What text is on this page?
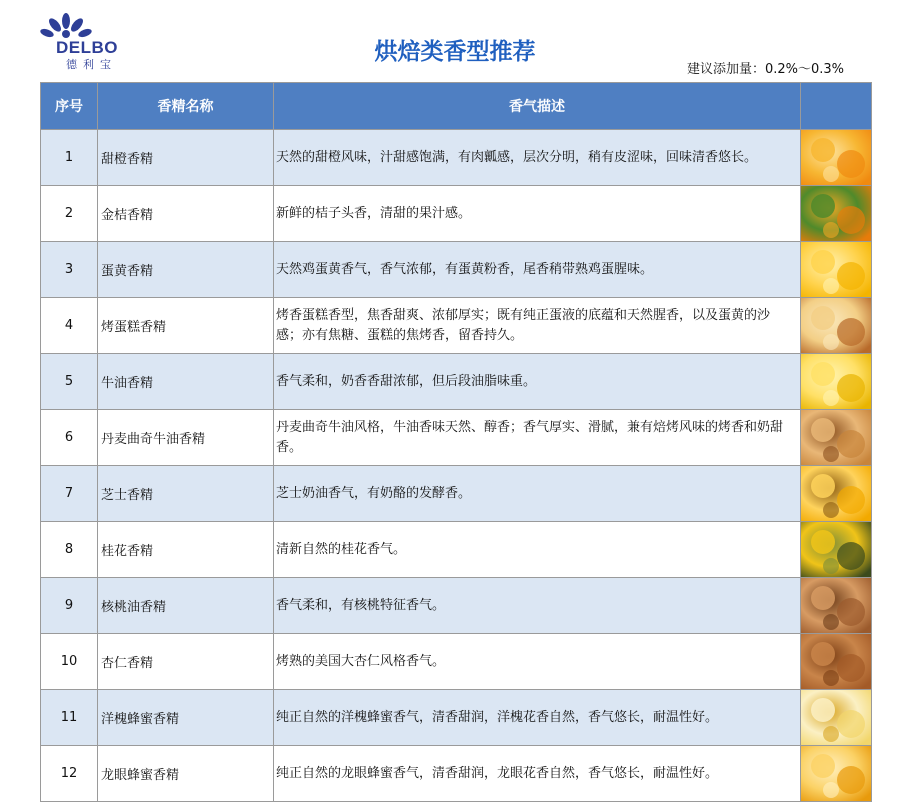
DELBO
德利宝	烘焙类香型推荐
建议添加量：0.2%～0.3%
序号	香精名称	香气描述	
1	甜橙香精	天然的甜橙风味，汁甜感饱满，有肉瓤感，层次分明，稍有皮涩味，回味清香悠长。	

2	金桔香精	新鲜的桔子头香，清甜的果汁感。	

3	蛋黄香精	天然鸡蛋黄香气，香气浓郁，有蛋黄粉香，尾香稍带熟鸡蛋腥味。	

4	烤蛋糕香精	烤香蛋糕香型，焦香甜爽、浓郁厚实；既有纯正蛋液的底蕴和天然腥香，以及蛋黄的沙感；亦有焦糖、蛋糕的焦烤香，留香持久。	

5	牛油香精	香气柔和，奶香香甜浓郁，但后段油脂味重。	

6	丹麦曲奇牛油香精	丹麦曲奇牛油风格，牛油香味天然、醇香；香气厚实、滑腻，兼有焙烤风味的烤香和奶甜香。	

7	芝士香精	芝士奶油香气，有奶酪的发酵香。	

8	桂花香精	清新自然的桂花香气。	

9	核桃油香精	香气柔和，有核桃特征香气。	

10	杏仁香精	烤熟的美国大杏仁风格香气。	

11	洋槐蜂蜜香精	纯正自然的洋槐蜂蜜香气，清香甜润，洋槐花香自然，香气悠长，耐温性好。	

12	龙眼蜂蜜香精	纯正自然的龙眼蜂蜜香气，清香甜润，龙眼花香自然，香气悠长，耐温性好。	
